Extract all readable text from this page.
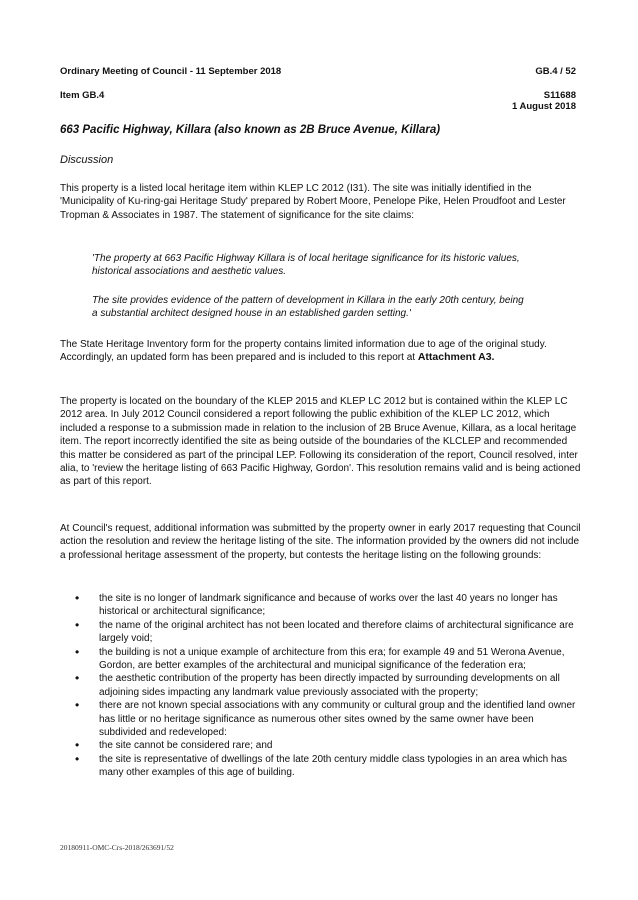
Ordinary Meeting of Council - 11 September 2018	GB.4 / 52
Item GB.4	S11688
1 August 2018
663 Pacific Highway, Killara (also known as 2B Bruce Avenue, Killara)
Discussion

This property is a listed local heritage item within KLEP LC 2012 (I31). The site was initially identified in the 'Municipality of Ku-ring-gai Heritage Study' prepared by Robert Moore, Penelope Pike, Helen Proudfoot and Lester Tropman & Associates in 1987. The statement of significance for the site claims:

'The property at 663 Pacific Highway Killara is of local heritage significance for its historic values, historical associations and aesthetic values.

The site provides evidence of the pattern of development in Killara in the early 20th century, being a substantial architect designed house in an established garden setting.'

The State Heritage Inventory form for the property contains limited information due to age of the original study. Accordingly, an updated form has been prepared and is included to this report at Attachment A3.

The property is located on the boundary of the KLEP 2015 and KLEP LC 2012 but is contained within the KLEP LC 2012 area. In July 2012 Council considered a report following the public exhibition of the KLEP LC 2012, which included a response to a submission made in relation to the inclusion of 2B Bruce Avenue, Killara, as a local heritage item. The report incorrectly identified the site as being outside of the boundaries of the KLCLEP and recommended this matter be considered as part of the principal LEP. Following its consideration of the report, Council resolved, inter alia, to 'review the heritage listing of 663 Pacific Highway, Gordon'. This resolution remains valid and is being actioned as part of this report.

At Council's request, additional information was submitted by the property owner in early 2017 requesting that Council action the resolution and review the heritage listing of the site. The information provided by the owners did not include a professional heritage assessment of the property, but contests the heritage listing on the following grounds:

• the site is no longer of landmark significance and because of works over the last 40 years no longer has historical or architectural significance;
• the name of the original architect has not been located and therefore claims of architectural significance are largely void;
• the building is not a unique example of architecture from this era; for example 49 and 51 Werona Avenue, Gordon, are better examples of the architectural and municipal significance of the federation era;
• the aesthetic contribution of the property has been directly impacted by surrounding developments on all adjoining sides impacting any landmark value previously associated with the property;
• there are not known special associations with any community or cultural group and the identified land owner has little or no heritage significance as numerous other sites owned by the same owner have been subdivided and redeveloped:
• the site cannot be considered rare; and
• the site is representative of dwellings of the late 20th century middle class typologies in an area which has many other examples of this age of building.
20180911-OMC-Crs-2018/263691/52
